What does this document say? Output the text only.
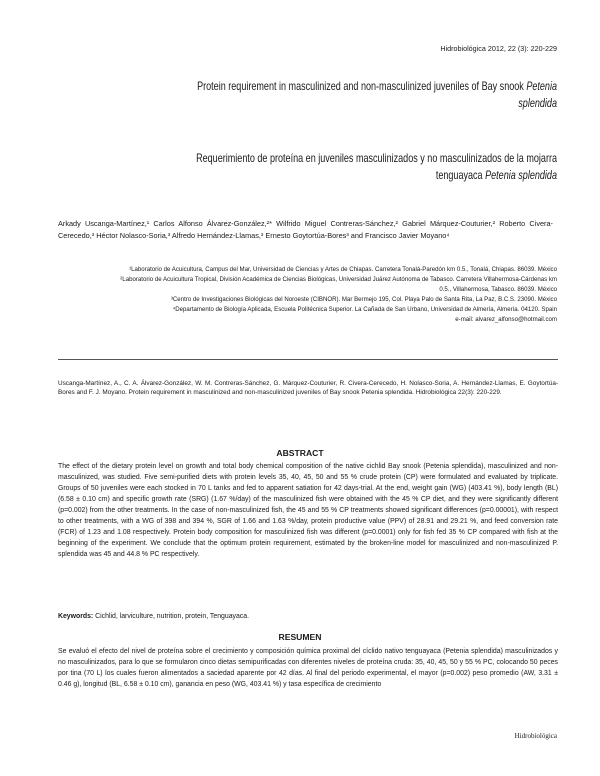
Hidrobiológica 2012, 22 (3): 220-229
Protein requirement in masculinized and non-masculinized juveniles of Bay snook Petenia
splendida
Requerimiento de proteína en juveniles masculinizados y no masculinizados de la mojarra
tenguayaca Petenia splendida
Arkady Uscanga-Martínez,¹ Carlos Alfonso Álvarez-González,²* Wilfrido Miguel Contreras-Sánchez,² Gabriel Márquez-Couturier,² Roberto Civera-Cerecedo,³ Héctor Nolasco-Soria,³ Alfredo Hernández-Llamas,³ Ernesto Goytortúa-Bores³ and Francisco Javier Moyano⁴
¹Laboratorio de Acuicultura, Campus del Mar, Universidad de Ciencias y Artes de Chiapas. Carretera Tonalá-Paredón km 0.5., Tonalá, Chiapas. 86039. México
²Laboratorio de Acuicultura Tropical, División Académica de Ciencias Biológicas, Universidad Juárez Autónoma de Tabasco. Carretera Villahermosa-Cárdenas km 0.5., Villahermosa, Tabasco. 86039. México
³Centro de Investigaciones Biológicas del Noroeste (CIBNOR). Mar Bermejo 195, Col. Playa Palo de Santa Rita, La Paz, B.C.S. 23090. México
⁴Departamento de Biología Aplicada, Escuela Politécnica Superior. La Cañada de San Urbano, Universidad de Almería, Almería. 04120. Spain
e-mail: alvarez_alfonso@hotmail.com
Uscanga-Martínez, A., C. A. Álvarez-González, W. M. Contreras-Sánchez, G. Márquez-Couturier, R. Civera-Cerecedo, H. Nolasco-Soria, A. Hernández-Llamas, E. Goytortúa-Bores and F. J. Moyano. Protein requirement in masculinized and non-masculinized juveniles of Bay snook Petenia splendida. Hidrobiológica 22(3): 220-229.
ABSTRACT
The effect of the dietary protein level on growth and total body chemical composition of the native cichlid Bay snook (Petenia splendida), masculinized and non-masculinized, was studied. Five semi-purified diets with protein levels 35, 40, 45, 50 and 55 % crude protein (CP) were formulated and evaluated by triplicate. Groups of 50 juveniles were each stocked in 70 L tanks and fed to apparent satiation for 42 days-trial. At the end, weight gain (WG) (403.41 %), body length (BL) (6.58 ± 0.10 cm) and specific growth rate (SRG) (1.67 %/day) of the masculinized fish were obtained with the 45 % CP diet, and they were significantly different (p=0.002) from the other treatments. In the case of non-masculinized fish, the 45 and 55 % CP treatments showed significant differences (p=0.00001), with respect to other treatments, with a WG of 398 and 394 %, SGR of 1.66 and 1.63 %/day, protein productive value (PPV) of 28.91 and 29.21 %, and feed conversion rate (FCR) of 1.23 and 1.08 respectively. Protein body composition for masculinized fish was different (p=0.0001) only for fish fed 35 % CP compared with fish at the beginning of the experiment. We conclude that the optimum protein requirement, estimated by the broken-line model for masculinized and non-masculinized P. splendida was 45 and 44.8 % PC respectively.
Keywords: Cichlid, larviculture, nutrition, protein, Tenguayaca.
RESUMEN
Se evaluó el efecto del nivel de proteína sobre el crecimiento y composición química proximal del cíclido nativo tenguayaca (Petenia splendida) masculinizados y no masculinizados, para lo que se formularon cinco dietas semipurificadas con diferentes niveles de proteína cruda: 35, 40, 45, 50 y 55 % PC, colocando 50 peces por tina (70 L) los cuales fueron alimentados a saciedad aparente por 42 días. Al final del periodo experimental, el mayor (p=0.002) peso promedio (AW, 3.31 ± 0.46 g), longitud (BL, 6.58 ± 0.10 cm), ganancia en peso (WG, 403.41 %) y tasa específica de crecimiento
Hidrobiológica
